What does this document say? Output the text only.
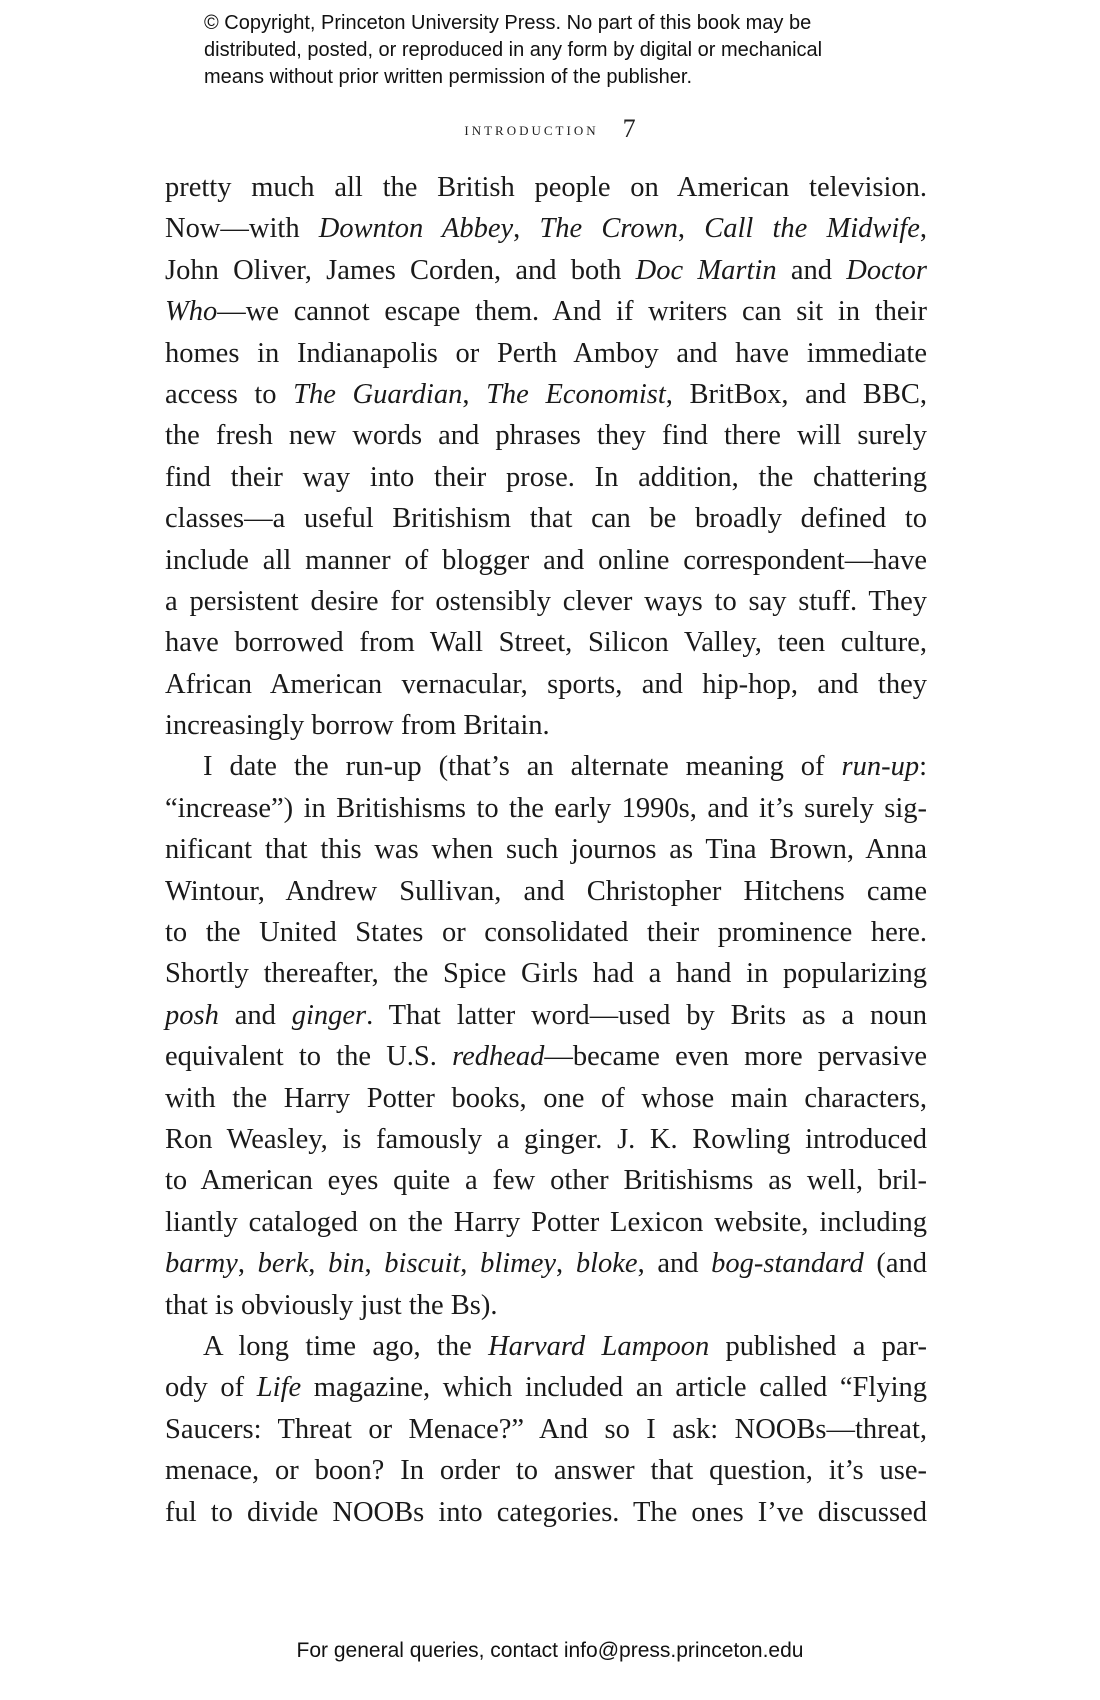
© Copyright, Princeton University Press. No part of this book may be
distributed, posted, or reproduced in any form by digital or mechanical
means without prior written permission of the publisher.
introduction 7
pretty much all the British people on American television.
Now—with Downton Abbey, The Crown, Call the Midwife,
John Oliver, James Corden, and both Doc Martin and Doctor
Who—we cannot escape them. And if writers can sit in their
homes in Indianapolis or Perth Amboy and have immediate
access to The Guardian, The Economist, BritBox, and BBC,
the fresh new words and phrases they find there will surely
find their way into their prose. In addition, the chattering
classes—a useful Britishism that can be broadly defined to
include all manner of blogger and online correspondent—have
a persistent desire for ostensibly clever ways to say stuff. They
have borrowed from Wall Street, Silicon Valley, teen culture,
African American vernacular, sports, and hip-hop, and they
increasingly borrow from Britain.
I date the run-up (that’s an alternate meaning of run-up:
“increase”) in Britishisms to the early 1990s, and it’s surely sig-
nificant that this was when such journos as Tina Brown, Anna
Wintour, Andrew Sullivan, and Christopher Hitchens came
to the United States or consolidated their prominence here.
Shortly thereafter, the Spice Girls had a hand in popularizing
posh and ginger. That latter word—used by Brits as a noun
equivalent to the U.S. redhead—became even more pervasive
with the Harry Potter books, one of whose main characters,
Ron Weasley, is famously a ginger. J. K. Rowling introduced
to American eyes quite a few other Britishisms as well, bril-
liantly cataloged on the Harry Potter Lexicon website, including
barmy, berk, bin, biscuit, blimey, bloke, and bog-standard (and
that is obviously just the Bs).
A long time ago, the Harvard Lampoon published a par-
ody of Life magazine, which included an article called “Flying
Saucers: Threat or Menace?” And so I ask: NOOBs—threat,
menace, or boon? In order to answer that question, it’s use-
ful to divide NOOBs into categories. The ones I’ve discussed
For general queries, contact info@press.princeton.edu
